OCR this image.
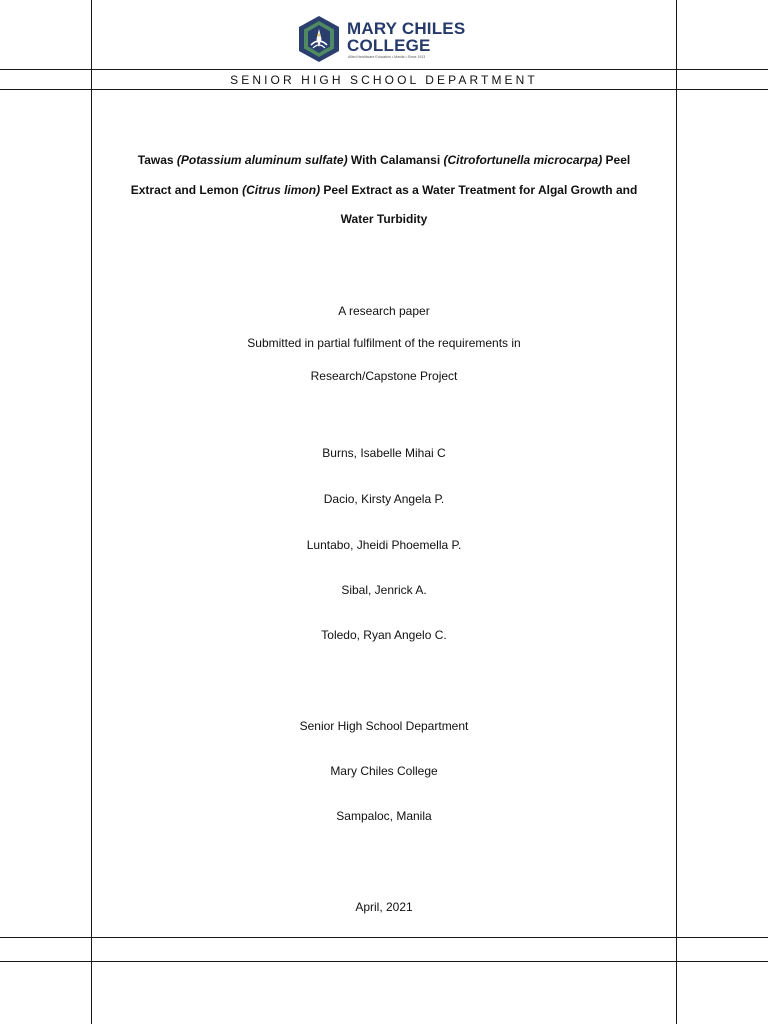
MARY CHILES
COLLEGE
Allied Healthcare Education • Manila • Since 1913
SENIOR HIGH SCHOOL DEPARTMENT
Tawas (Potassium aluminum sulfate) With Calamansi (Citrofortunella microcarpa) Peel Extract and Lemon (Citrus limon) Peel Extract as a Water Treatment for Algal Growth and Water Turbidity
A research paper
Submitted in partial fulfilment of the requirements in
Research/Capstone Project
Burns, Isabelle Mihai C
Dacio, Kirsty Angela P.
Luntabo, Jheidi Phoemella P.
Sibal, Jenrick A.
Toledo, Ryan Angelo C.
Senior High School Department
Mary Chiles College
Sampaloc, Manila
April, 2021
